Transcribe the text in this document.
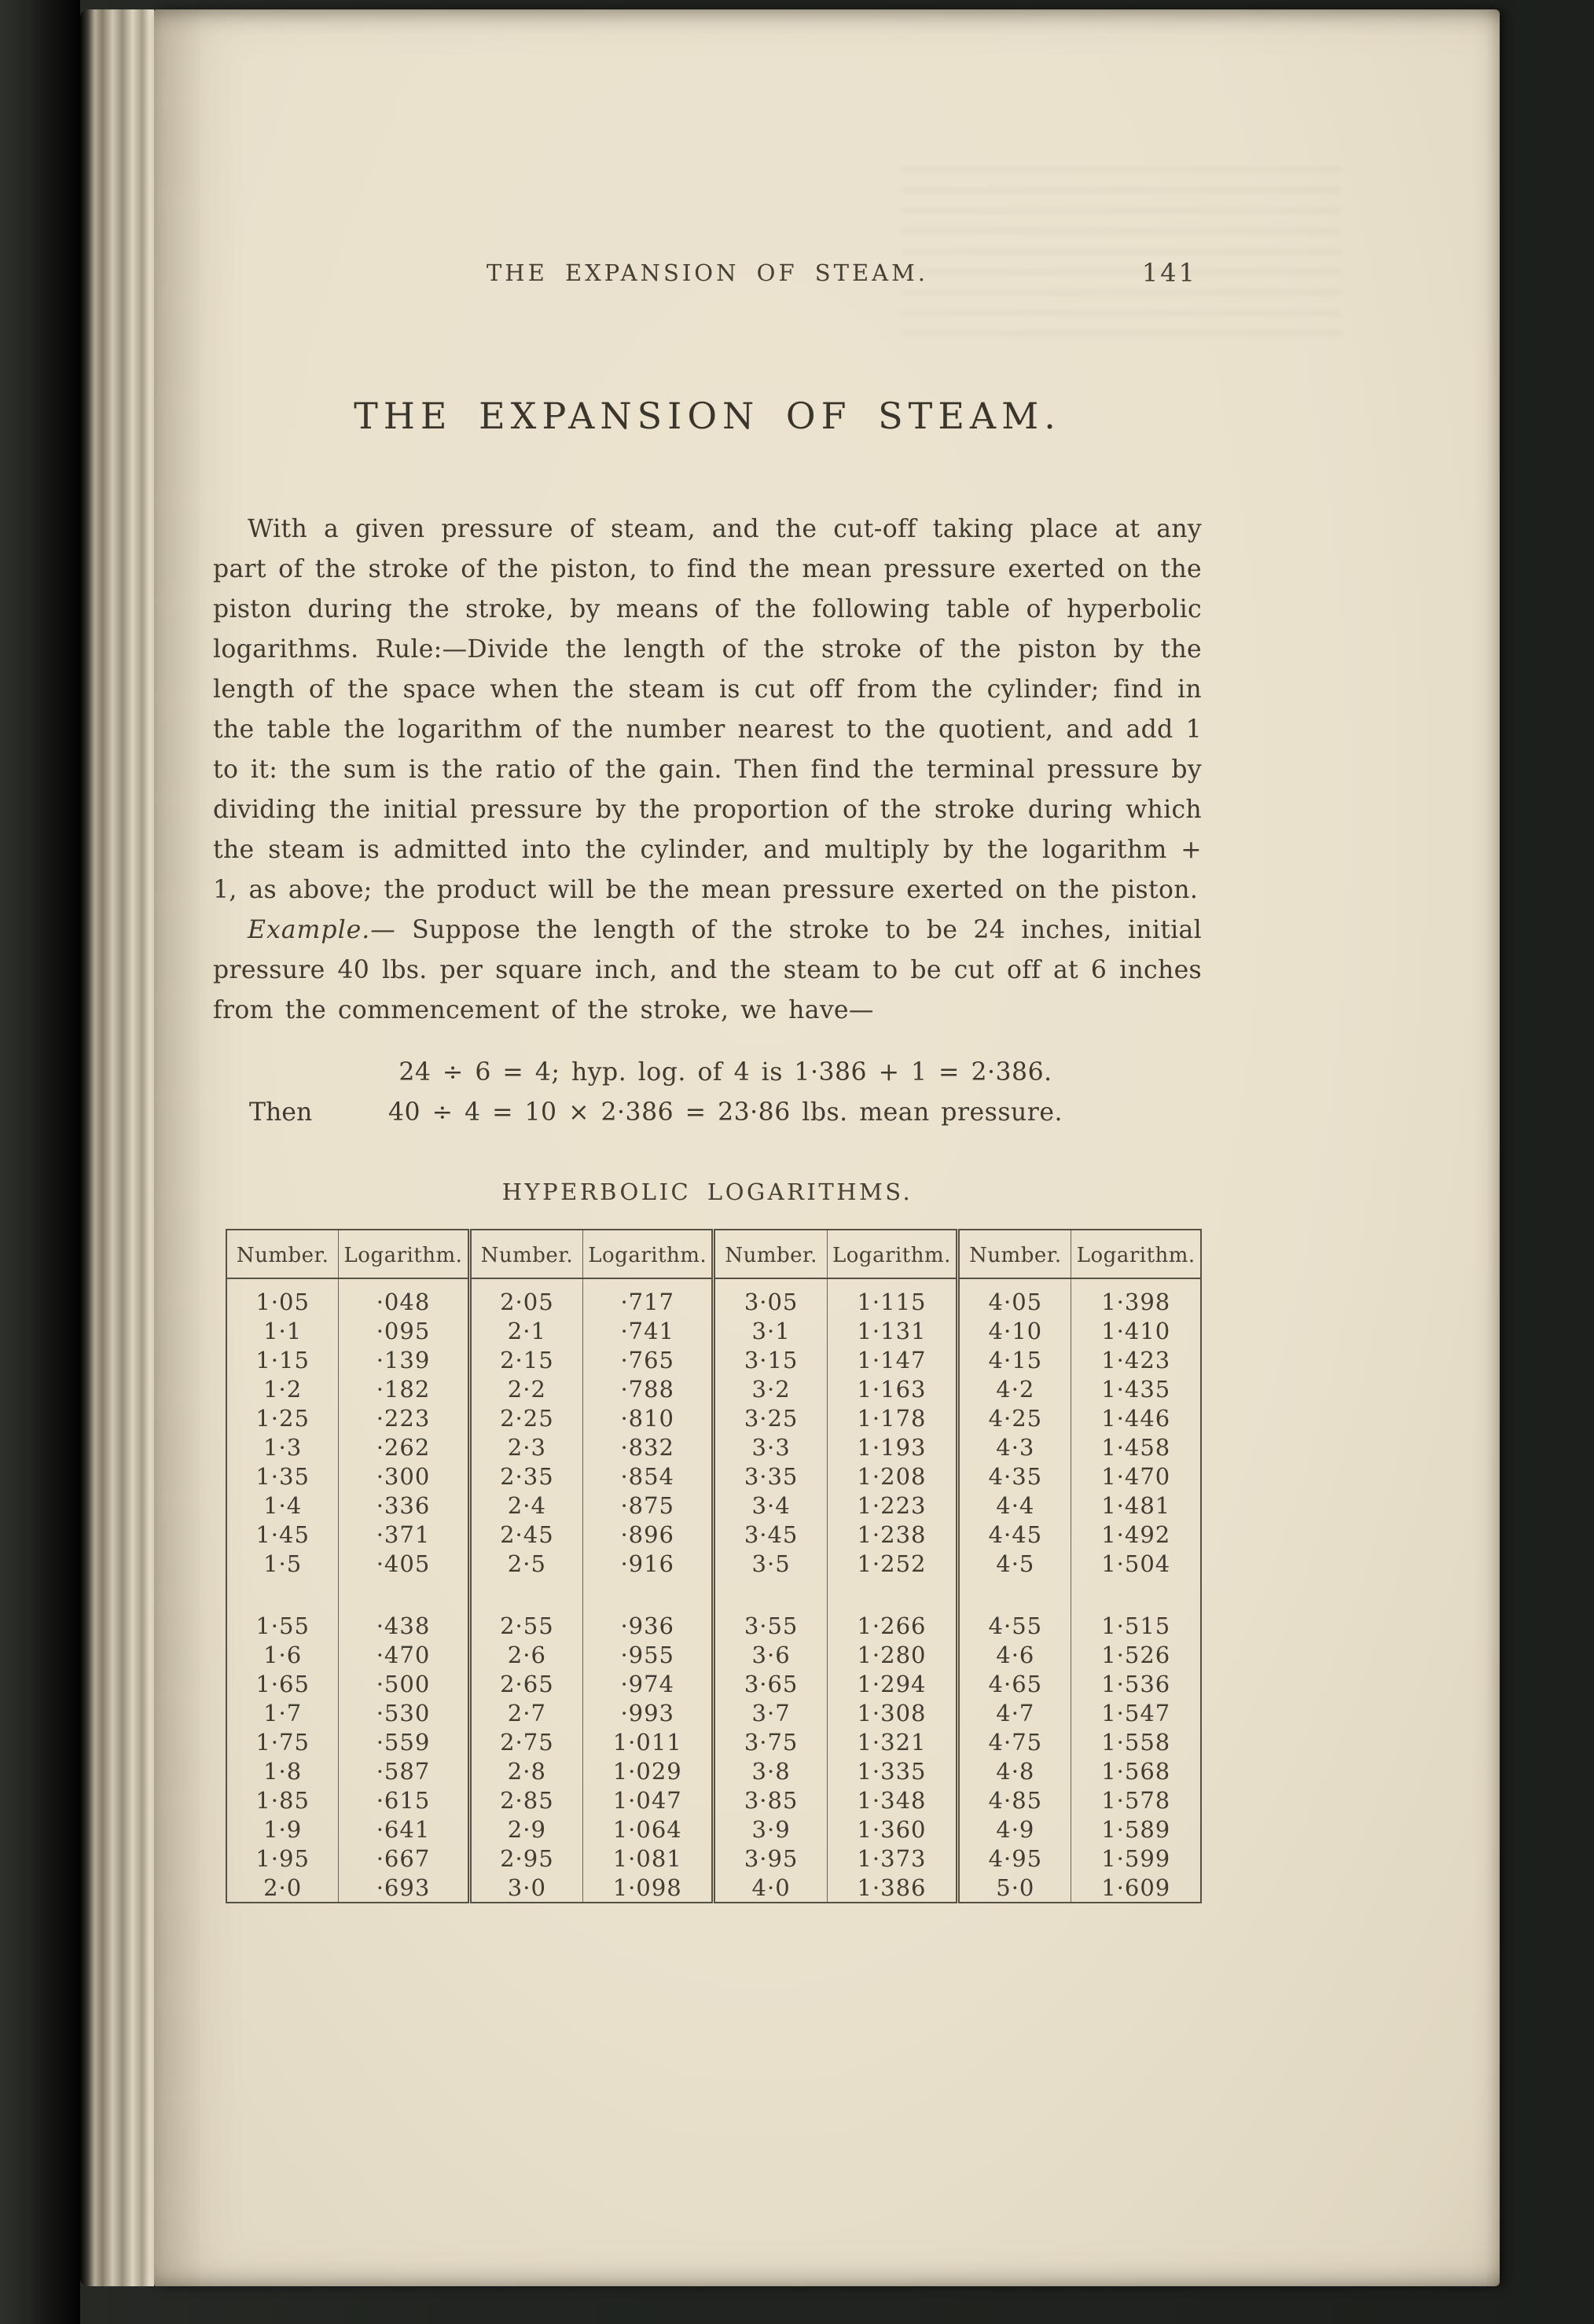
THE EXPANSION OF STEAM.	141
THE EXPANSION OF STEAM.

With a given pressure of steam, and the cut-off taking place at any part of the stroke of the piston, to find the mean pressure exerted on the piston during the stroke, by means of the following table of hyperbolic logarithms. Rule:—Divide the length of the stroke of the piston by the length of the space when the steam is cut off from the cylinder; find in the table the logarithm of the number nearest to the quotient, and add 1 to it: the sum is the ratio of the gain. Then find the terminal pressure by dividing the initial pressure by the proportion of the stroke during which the steam is admitted into the cylinder, and multiply by the logarithm + 1, as above; the product will be the mean pressure exerted on the piston.

Example.— Suppose the length of the stroke to be 24 inches, initial pressure 40 lbs. per square inch, and the steam to be cut off at 6 inches from the commencement of the stroke, we have—

24 ÷ 6 = 4; hyp. log. of 4 is 1·386 + 1 = 2·386.
Then	40 ÷ 4 = 10 × 2·386 = 23·86 lbs. mean pressure.
HYPERBOLIC LOGARITHMS.
Number.	Logarithm.	Number.	Logarithm.	Number.	Logarithm.	Number.	Logarithm.
1·05	·048	2·05	·717	3·05	1·115	4·05	1·398
1·1	·095	2·1	·741	3·1	1·131	4·10	1·410
1·15	·139	2·15	·765	3·15	1·147	4·15	1·423
1·2	·182	2·2	·788	3·2	1·163	4·2	1·435
1·25	·223	2·25	·810	3·25	1·178	4·25	1·446
1·3	·262	2·3	·832	3·3	1·193	4·3	1·458
1·35	·300	2·35	·854	3·35	1·208	4·35	1·470
1·4	·336	2·4	·875	3·4	1·223	4·4	1·481
1·45	·371	2·45	·896	3·45	1·238	4·45	1·492
1·5	·405	2·5	·916	3·5	1·252	4·5	1·504

1·55	·438	2·55	·936	3·55	1·266	4·55	1·515
1·6	·470	2·6	·955	3·6	1·280	4·6	1·526
1·65	·500	2·65	·974	3·65	1·294	4·65	1·536
1·7	·530	2·7	·993	3·7	1·308	4·7	1·547
1·75	·559	2·75	1·011	3·75	1·321	4·75	1·558
1·8	·587	2·8	1·029	3·8	1·335	4·8	1·568
1·85	·615	2·85	1·047	3·85	1·348	4·85	1·578
1·9	·641	2·9	1·064	3·9	1·360	4·9	1·589
1·95	·667	2·95	1·081	3·95	1·373	4·95	1·599
2·0	·693	3·0	1·098	4·0	1·386	5·0	1·609
